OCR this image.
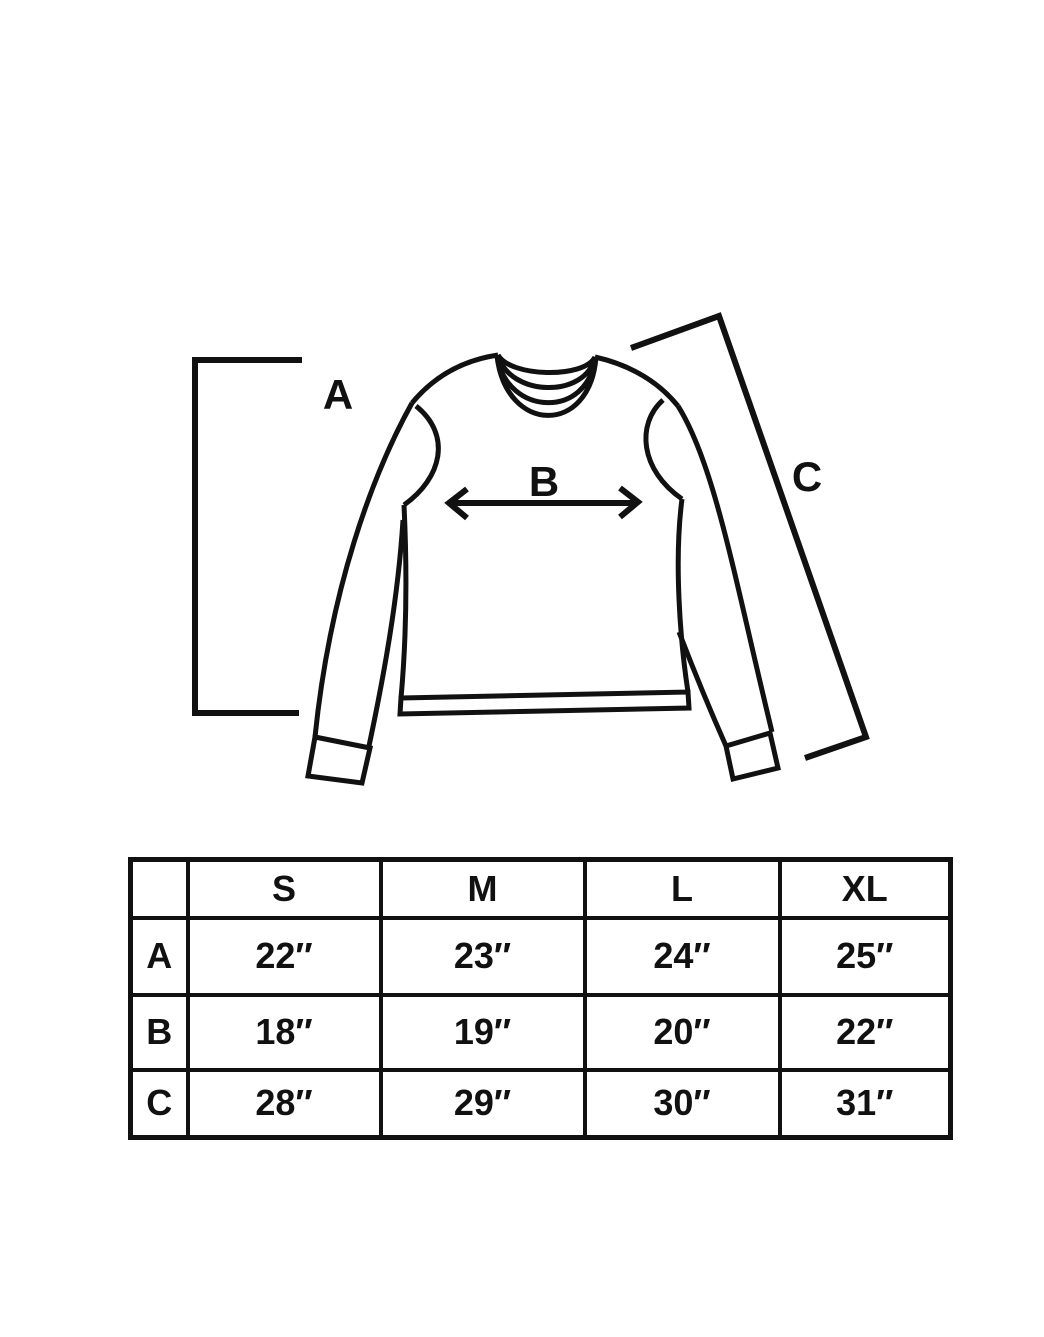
A
B	C
	S	M	L	XL
A	22″	23″	24″	25″
B	18″	19″	20″	22″
C	28″	29″	30″	31″
